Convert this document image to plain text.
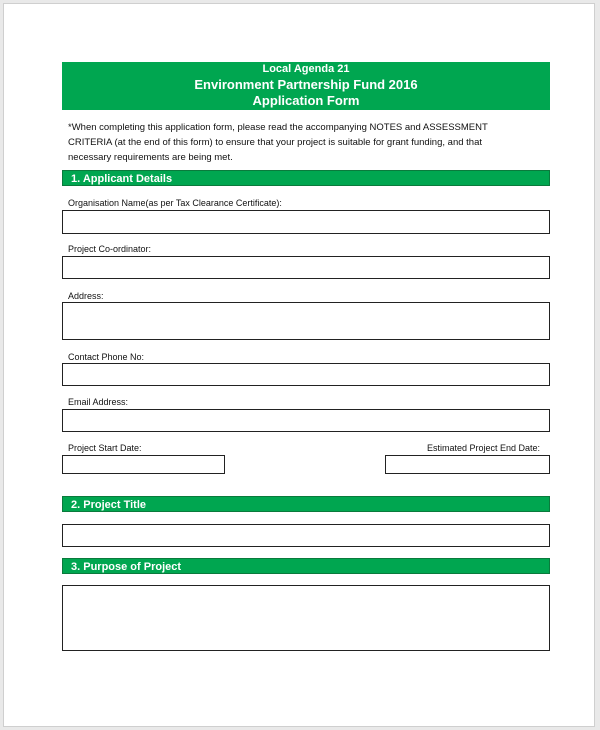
Local Agenda 21
Environment Partnership Fund 2016
Application Form
*When completing this application form, please read the accompanying NOTES and ASSESSMENT
CRITERIA (at the end of this form) to ensure that your project is suitable for grant funding, and that
necessary requirements are being met.
1. Applicant Details
Organisation Name(as per Tax Clearance Certificate):
Project Co-ordinator:
Address:
Contact Phone No:
Email Address:
Project Start Date:	Estimated Project End Date:
2. Project Title
3. Purpose of Project
